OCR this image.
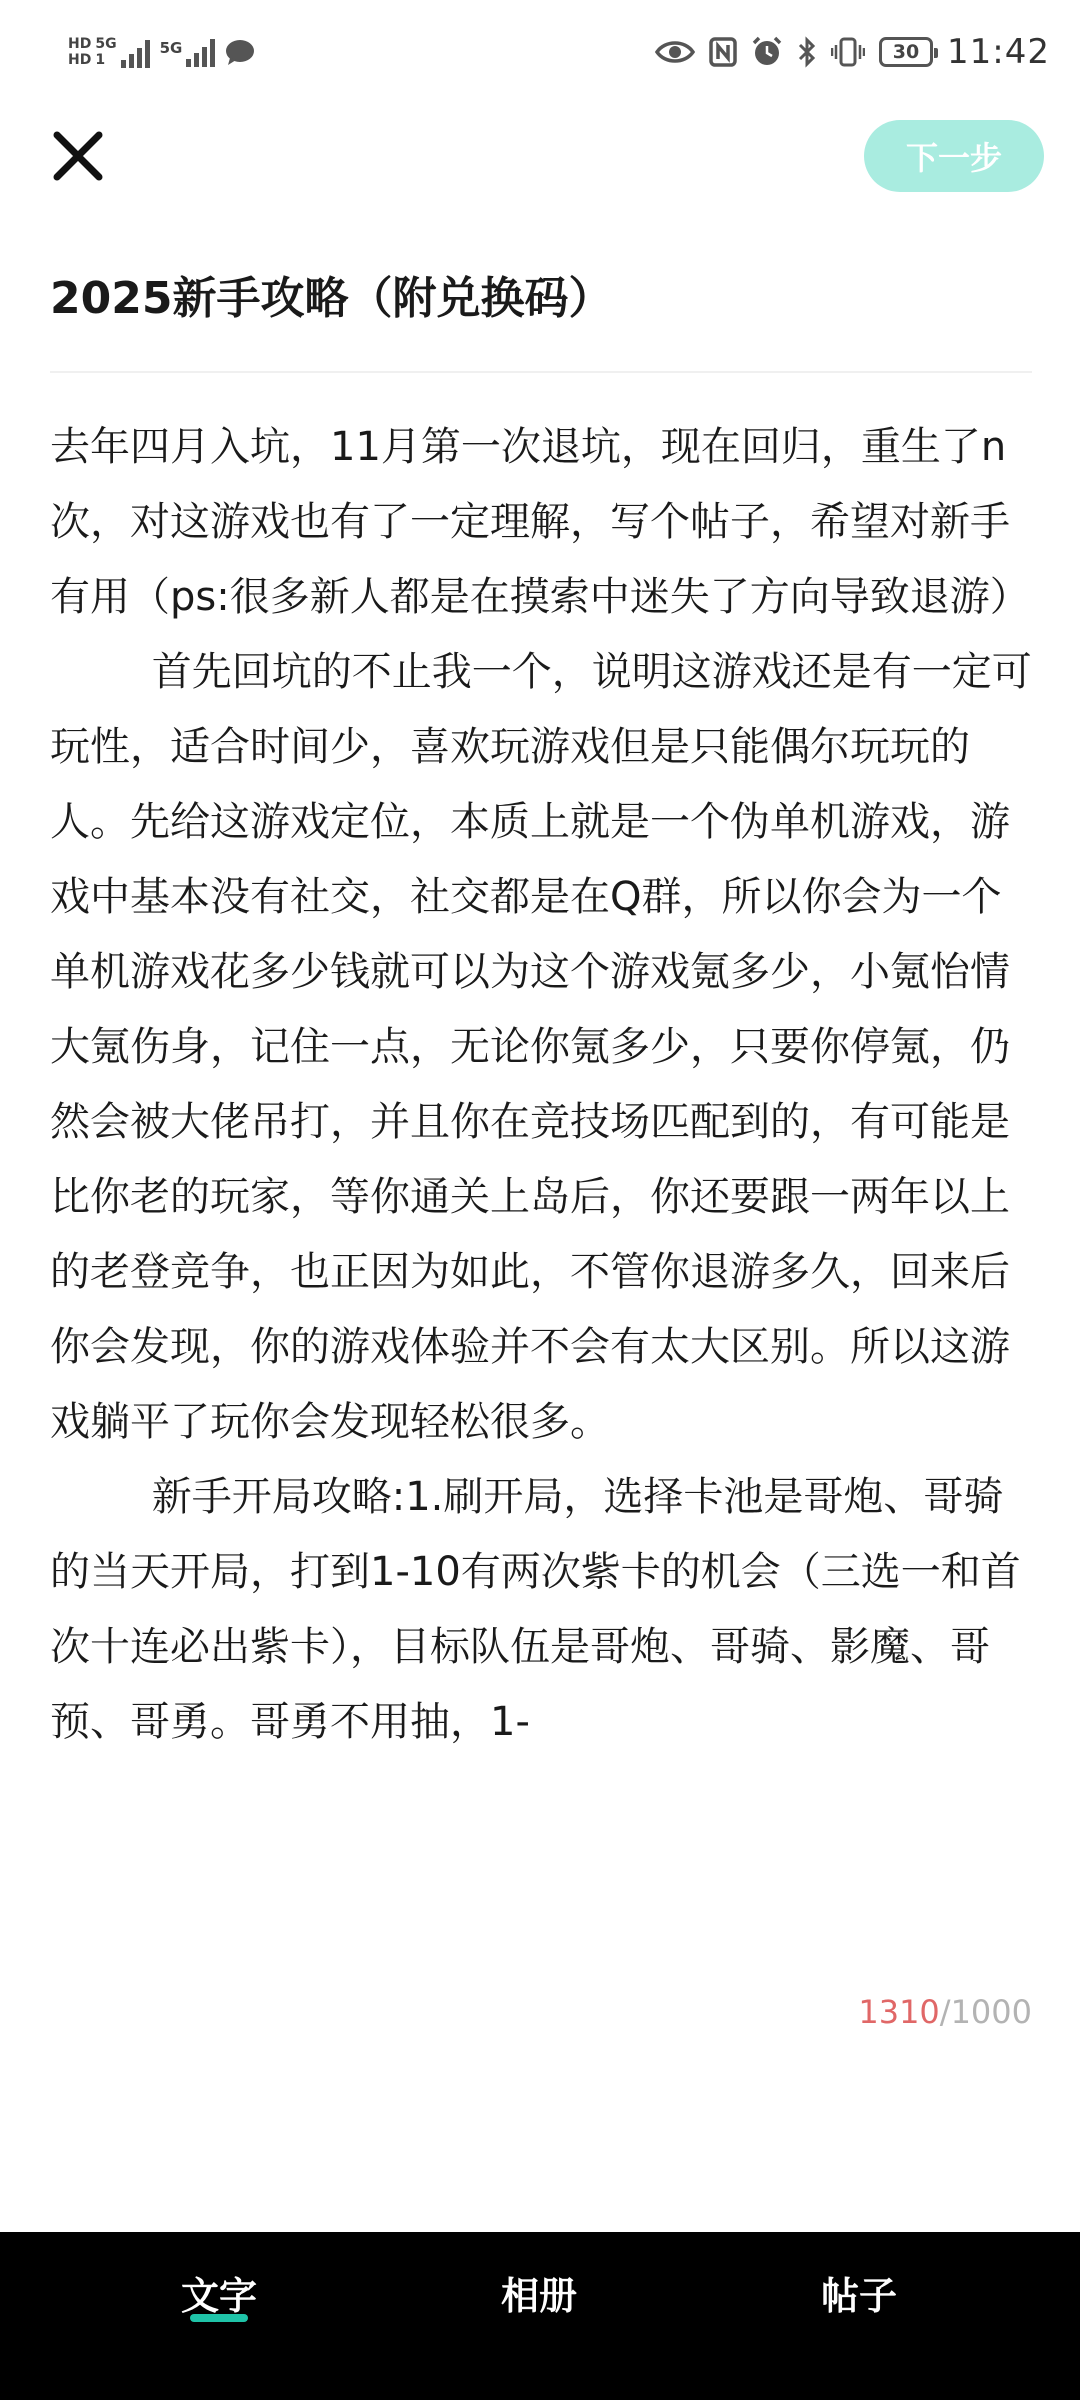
HD
HD
5G
1
5G	30 11:42
下一步
2025新手攻略（附兑换码）
去年四月入坑，11月第一次退坑，现在回归，重生了n次，对这游戏也有了一定理解，写个帖子，希望对新手有用（ps:很多新人都是在摸索中迷失了方向导致退游）
首先回坑的不止我一个，说明这游戏还是有一定可玩性，适合时间少，喜欢玩游戏但是只能偶尔玩玩的人。先给这游戏定位，本质上就是一个伪单机游戏，游戏中基本没有社交，社交都是在Q群，所以你会为一个单机游戏花多少钱就可以为这个游戏氪多少，小氪怡情大氪伤身，记住一点，无论你氪多少，只要你停氪，仍然会被大佬吊打，并且你在竞技场匹配到的，有可能是比你老的玩家，等你通关上岛后，你还要跟一两年以上的老登竞争，也正因为如此，不管你退游多久，回来后你会发现，你的游戏体验并不会有太大区别。所以这游戏躺平了玩你会发现轻松很多。
新手开局攻略:1.刷开局，选择卡池是哥炮、哥骑的当天开局，打到1-10有两次紫卡的机会（三选一和首次十连必出紫卡），目标队伍是哥炮、哥骑、影魔、哥预、哥勇。哥勇不用抽，1-
1310/1000
文字	相册	帖子
